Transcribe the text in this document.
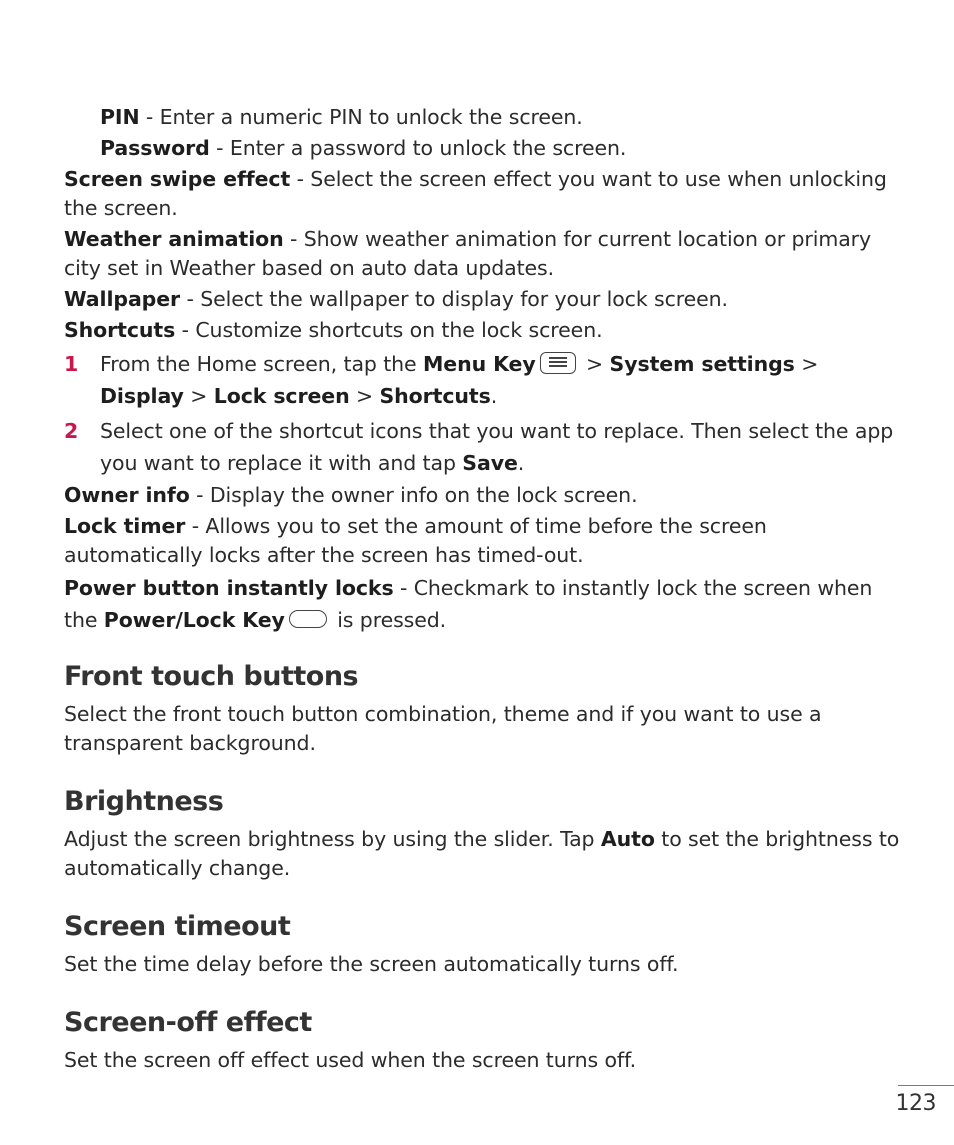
PIN - Enter a numeric PIN to unlock the screen.

Password - Enter a password to unlock the screen.

Screen swipe effect - Select the screen effect you want to use when unlocking the screen.

Weather animation - Show weather animation for current location or primary city set in Weather based on auto data updates.

Wallpaper - Select the wallpaper to display for your lock screen.

Shortcuts - Customize shortcuts on the lock screen.

1 From the Home screen, tap the Menu Key
> System settings > Display > Lock screen > Shortcuts.

2 Select one of the shortcut icons that you want to replace. Then select the app you want to replace it with and tap Save.

Owner info - Display the owner info on the lock screen.

Lock timer - Allows you to set the amount of time before the screen automatically locks after the screen has timed-out.

Power button instantly locks - Checkmark to instantly lock the screen when the Power/Lock Key is pressed.

Front touch buttons

Select the front touch button combination, theme and if you want to use a transparent background.

Brightness

Adjust the screen brightness by using the slider. Tap Auto to set the brightness to automatically change.

Screen timeout

Set the time delay before the screen automatically turns off.

Screen-off effect

Set the screen off effect used when the screen turns off.

123
